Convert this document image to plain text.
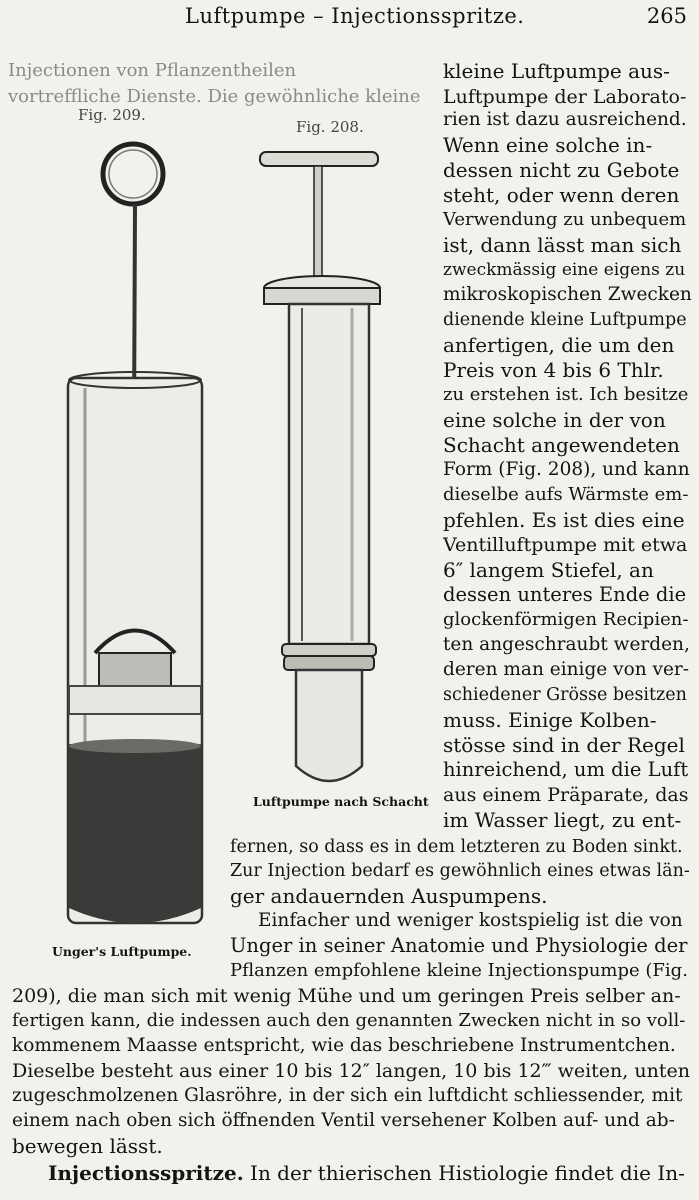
Luftpumpe – Injectionsspritze.	265
Injectionen von Pflanzentheilen
vortreffliche Dienste. Die gewöhnliche kleine
Fig. 209.
Fig. 208.
kleine Luftpumpe aus-
Luftpumpe der Laborato-
rien ist dazu ausreichend.
Wenn eine solche in-
dessen nicht zu Gebote
steht, oder wenn deren
Verwendung zu unbequem
ist, dann lässt man sich
zweckmässig eine eigens zu
mikroskopischen Zwecken
dienende kleine Luftpumpe
anfertigen, die um den
Preis von 4 bis 6 Thlr.
zu erstehen ist. Ich besitze
eine solche in der von
Schacht angewendeten
Form (Fig. 208), und kann
dieselbe aufs Wärmste em-
pfehlen. Es ist dies eine
Ventilluftpumpe mit etwa
6″ langem Stiefel, an
dessen unteres Ende die
glockenförmigen Recipien-
ten angeschraubt werden,
deren man einige von ver-
schiedener Grösse besitzen
muss. Einige Kolben-
stösse sind in der Regel
hinreichend, um die Luft
aus einem Präparate, das
im Wasser liegt, zu ent-
Luftpumpe nach Schacht
fernen, so dass es in dem letzteren zu Boden sinkt.
Zur Injection bedarf es gewöhnlich eines etwas län-
ger andauernden Auspumpens.
Einfacher und weniger kostspielig ist die von
Unger in seiner Anatomie und Physiologie der
Pflanzen empfohlene kleine Injectionspumpe (Fig.
Unger's Luftpumpe.
209), die man sich mit wenig Mühe und um geringen Preis selber an-
fertigen kann, die indessen auch den genannten Zwecken nicht in so voll-
kommenem Maasse entspricht, wie das beschriebene Instrumentchen.
Dieselbe besteht aus einer 10 bis 12″ langen, 10 bis 12‴ weiten, unten
zugeschmolzenen Glasröhre, in der sich ein luftdicht schliessender, mit
einem nach oben sich öffnenden Ventil versehener Kolben auf- und ab-
bewegen lässt.
Injectionsspritze. In der thierischen Histiologie findet die In-
